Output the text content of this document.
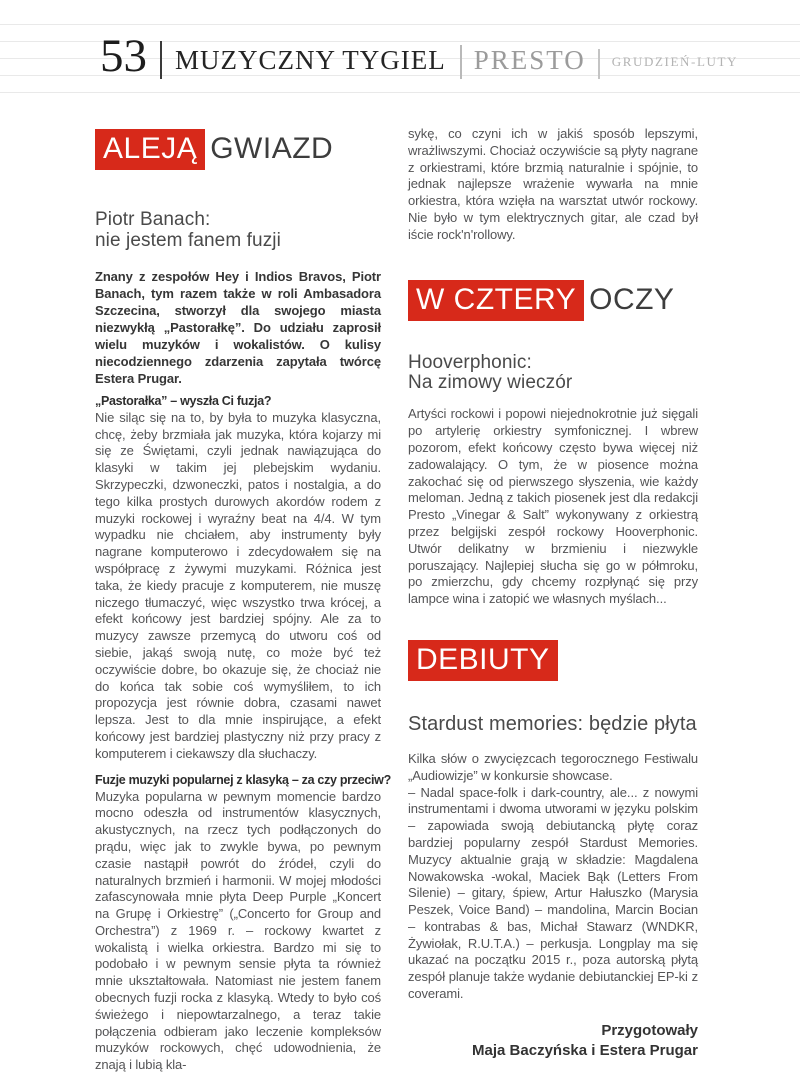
53 MUZYCZNY TYGIEL PRESTO GRUDZIEŃ-LUTY
ALEJĄ GWIAZD
Piotr Banach:
nie jestem fanem fuzji

Znany z zespołów Hey i Indios Bravos, Piotr Banach, tym razem także w roli Ambasadora Szczecina, stworzył dla swojego miasta niezwykłą „Pastorałkę”. Do udziału zaprosił wielu muzyków i wokalistów. O kulisy niecodziennego zdarzenia zapytała twórcę Estera Prugar.

„Pastorałka” – wyszła Ci fuzja?

Nie siląc się na to, by była to muzyka klasyczna, chcę, żeby brzmiała jak muzyka, która kojarzy mi się ze Świętami, czyli jednak nawiązująca do klasyki w takim jej plebejskim wydaniu. Skrzypeczki, dzwoneczki, patos i nostalgia, a do tego kilka prostych durowych akordów rodem z muzyki rockowej i wyraźny beat na 4/4. W tym wypadku nie chciałem, aby instrumenty były nagrane komputerowo i zdecydowałem się na współpracę z żywymi muzykami. Różnica jest taka, że kiedy pracuje z komputerem, nie muszę niczego tłumaczyć, więc wszystko trwa krócej, a efekt końcowy jest bardziej spójny. Ale za to muzycy zawsze przemycą do utworu coś od siebie, jakąś swoją nutę, co może być też oczywiście dobre, bo okazuje się, że chociaż nie do końca tak sobie coś wymyśliłem, to ich propozycja jest równie dobra, czasami nawet lepsza. Jest to dla mnie inspirujące, a efekt końcowy jest bardziej plastyczny niż przy pracy z komputerem i ciekawszy dla słuchaczy.

Fuzje muzyki popularnej z klasyką – za czy przeciw?

Muzyka popularna w pewnym momencie bardzo mocno odeszła od instrumentów klasycznych, akustycznych, na rzecz tych podłączonych do prądu, więc jak to zwykle bywa, po pewnym czasie nastąpił powrót do źródeł, czyli do naturalnych brzmień i harmonii. W mojej młodości zafascynowała mnie płyta Deep Purple „Koncert na Grupę i Orkiestrę” („Concerto for Group and Orchestra”) z 1969 r. – rockowy kwartet z wokalistą i wielka orkiestra. Bardzo mi się to podobało i w pewnym sensie płyta ta również mnie ukształtowała. Natomiast nie jestem fanem obecnych fuzji rocka z klasyką. Wtedy to było coś świeżego i niepowtarzalnego, a teraz takie połączenia odbieram jako leczenie kompleksów muzyków rockowych, chęć udowodnienia, że znają i lubią kla-

sykę, co czyni ich w jakiś sposób lepszymi, wrażliwszymi. Chociaż oczywiście są płyty nagrane z orkiestrami, które brzmią naturalnie i spójnie, to jednak najlepsze wrażenie wywarła na mnie orkiestra, która wzięła na warsztat utwór rockowy. Nie było w tym elektrycznych gitar, ale czad był iście rock'n'rollowy.

W CZTERY OCZY
Hooverphonic:
Na zimowy wieczór

Artyści rockowi i popowi niejednokrotnie już sięgali po artylerię orkiestry symfonicznej. I wbrew pozorom, efekt końcowy często bywa więcej niż zadowalający. O tym, że w piosence można zakochać się od pierwszego słyszenia, wie każdy meloman. Jedną z takich piosenek jest dla redakcji Presto „Vinegar & Salt” wykonywany z orkiestrą przez belgijski zespół rockowy Hooverphonic. Utwór delikatny w brzmieniu i niezwykle poruszający. Najlepiej słucha się go w półmroku, po zmierzchu, gdy chcemy rozpłynąć się przy lampce wina i zatopić we własnych myślach...

DEBIUTY
Stardust memories: będzie płyta

Kilka słów o zwycięzcach tegorocznego Festiwalu „Audiowizje” w konkursie showcase.

– Nadal space-folk i dark-country, ale... z nowymi instrumentami i dwoma utworami w języku polskim – zapowiada swoją debiutancką płytę coraz bardziej popularny zespół Stardust Memories. Muzycy aktualnie grają w składzie: Magdalena Nowakowska -wokal, Maciek Bąk (Letters From Silenie) – gitary, śpiew, Artur Hałuszko (Marysia Peszek, Voice Band) – mandolina, Marcin Bocian – kontrabas & bas, Michał Stawarz (WNDKR, Żywiołak, R.U.T.A.) – perkusja. Longplay ma się ukazać na początku 2015 r., poza autorską płytą zespół planuje także wydanie debiutanckiej EP-ki z coverami.

Przygotowały
Maja Baczyńska i Estera Prugar
